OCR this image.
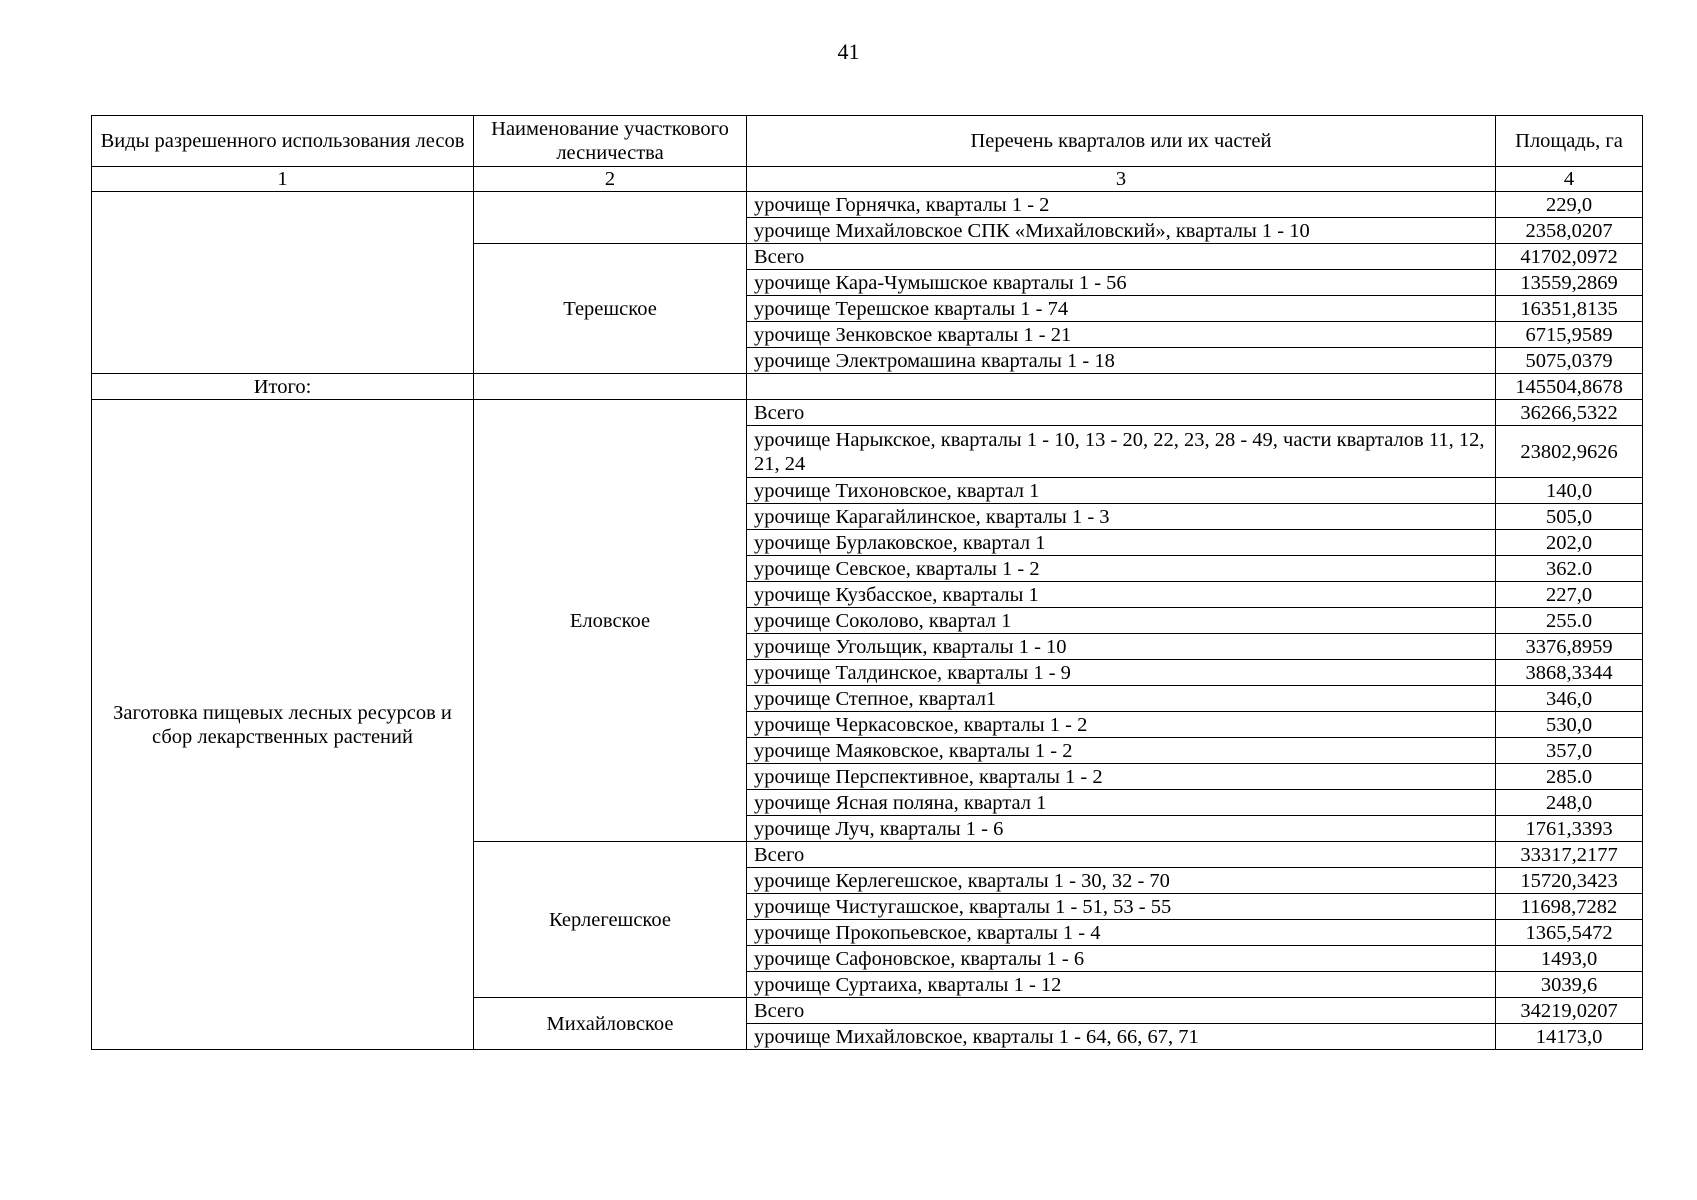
41
Виды разрешенного использования лесов	Наименование участкового лесничества	Перечень кварталов или их частей	Площадь, га
1	2	3	4
		урочище Горнячка, кварталы 1 - 2	229,0
		урочище Михайловское СПК «Михайловский», кварталы 1 - 10	2358,0207
	Терешское	Всего	41702,0972
		урочище Кара-Чумышское кварталы 1 - 56	13559,2869
		урочище Терешское кварталы 1 - 74	16351,8135
		урочище Зенковское кварталы 1 - 21	6715,9589
		урочище Электромашина кварталы 1 - 18	5075,0379
Итого:			145504,8678
Заготовка пищевых лесных ресурсов и сбор лекарственных растений	Еловское	Всего	36266,5322
		урочище Нарыкское, кварталы 1 - 10, 13 - 20, 22, 23, 28 - 49, части кварталов 11, 12, 21, 24	23802,9626
		урочище Тихоновское, квартал 1	140,0
		урочище Карагайлинское, кварталы 1 - 3	505,0
		урочище Бурлаковское, квартал 1	202,0
		урочище Севское, кварталы 1 - 2	362.0
		урочище Кузбасское, кварталы 1	227,0
		урочище Соколово, квартал 1	255.0
		урочище Угольщик, кварталы 1 - 10	3376,8959
		урочище Талдинское, кварталы 1 - 9	3868,3344
		урочище Степное, квартал1	346,0
		урочище Черкасовское, кварталы 1 - 2	530,0
		урочище Маяковское, кварталы 1 - 2	357,0
		урочище Перспективное, кварталы 1 - 2	285.0
		урочище Ясная поляна, квартал 1	248,0
		урочище Луч, кварталы 1 - 6	1761,3393
	Керлегешское	Всего	33317,2177
		урочище Керлегешское, кварталы 1 - 30, 32 - 70	15720,3423
		урочище Чистугашское, кварталы 1 - 51, 53 - 55	11698,7282
		урочище Прокопьевское, кварталы 1 - 4	1365,5472
		урочище Сафоновское, кварталы 1 - 6	1493,0
		урочище Суртаиха, кварталы 1 - 12	3039,6
	Михайловское	Всего	34219,0207
		урочище Михайловское, кварталы 1 - 64, 66, 67, 71	14173,0
